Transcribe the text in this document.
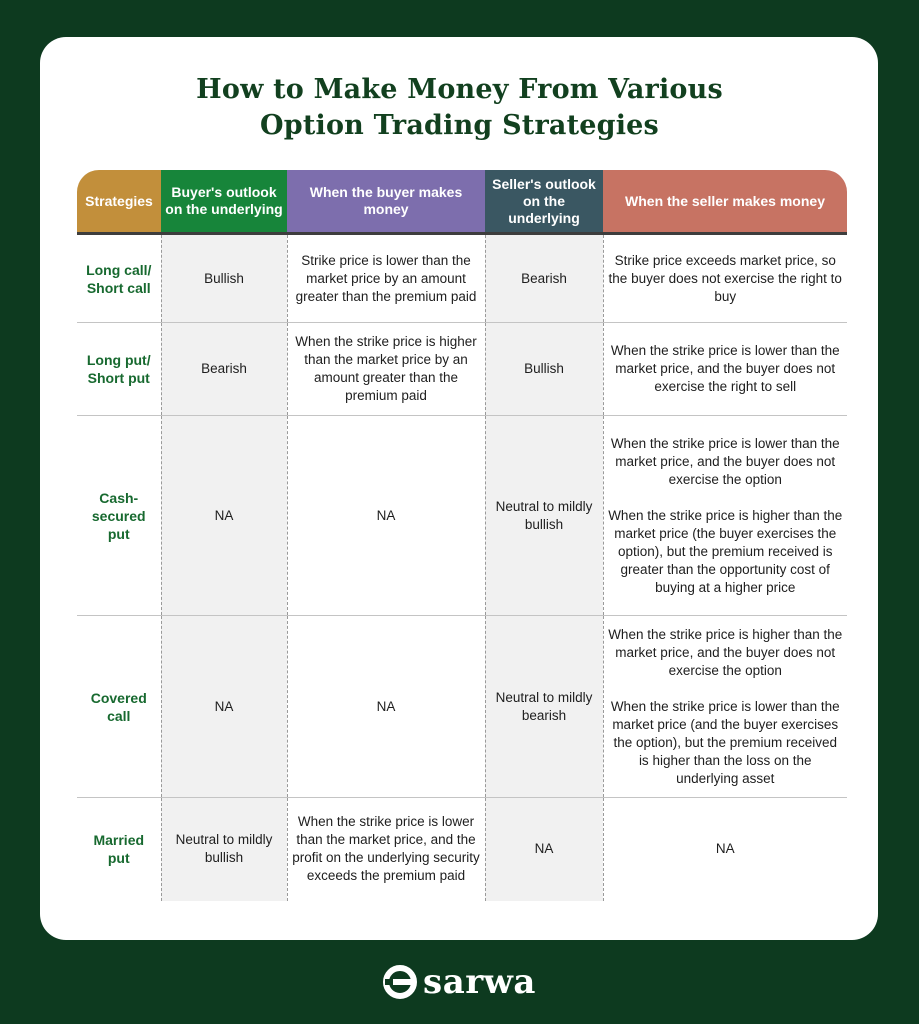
How to Make Money From Various
Option Trading Strategies
Strategies	Buyer's outlook on the underlying	When the buyer makes money	Seller's outlook on the underlying	When the seller makes money
Long call/ Short call	Bullish	Strike price is lower than the market price by an amount greater than the premium paid	Bearish	Strike price exceeds market price, so the buyer does not exercise the right to buy

Long put/ Short put	Bearish	When the strike price is higher than the market price by an amount greater than the premium paid	Bullish	When the strike price is lower than the market price, and the buyer does not exercise the right to sell

Cash-secured put	NA	NA	Neutral to mildly bullish	When the strike price is lower than the market price, and the buyer does not exercise the option
When the strike price is higher than the market price (the buyer exercises the option), but the premium received is greater than the opportunity cost of buying at a higher price

Covered call	NA	NA	Neutral to mildly bearish	When the strike price is higher than the market price, and the buyer does not exercise the option
When the strike price is lower than the market price (and the buyer exercises the option), but the premium received is higher than the loss on the underlying asset

Married put	Neutral to mildly bullish	When the strike price is lower than the market price, and the profit on the underlying security exceeds the premium paid	NA	NA
sarwa
